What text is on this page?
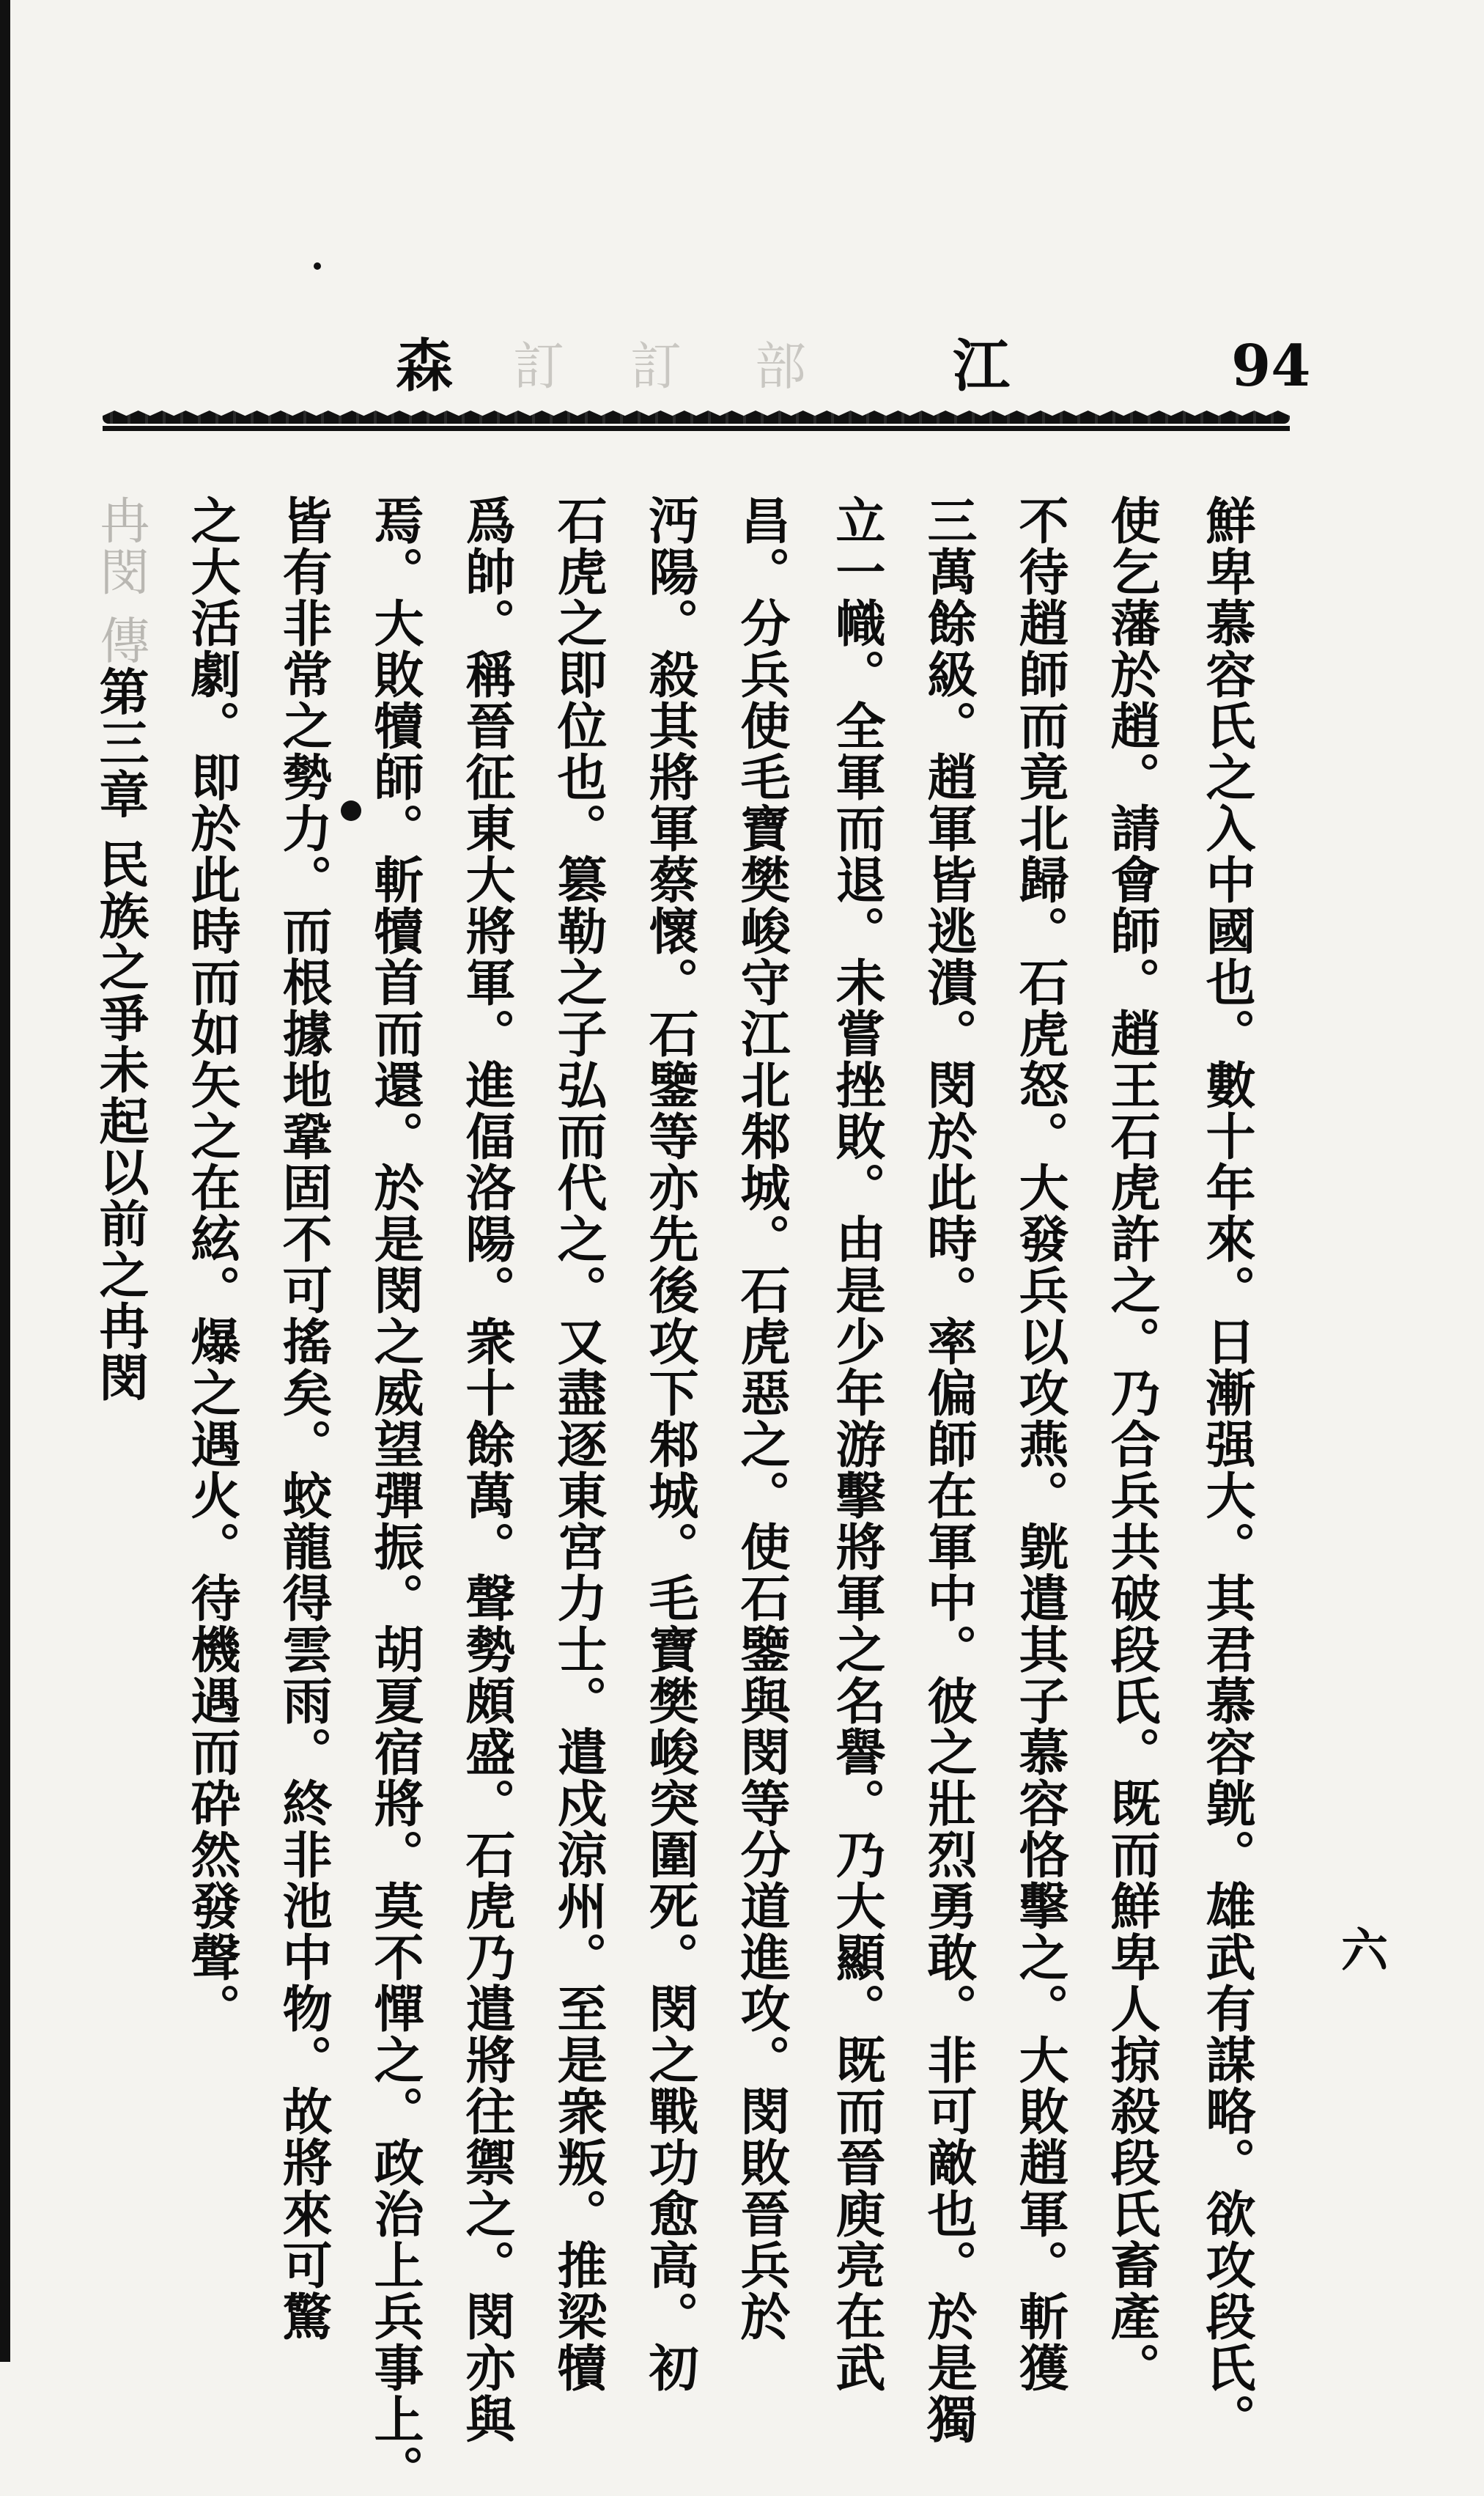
森 訂 訂 部	江	94
鮮卑慕容氏之入中國也。數十年來。日漸强大。其君慕容皝。雄武有謀略。欲攻段氏。
使乞藩於趙。請會師。趙王石虎許之。乃合兵共破段氏。既而鮮卑人掠殺段氏畜產。
不待趙師而竟北歸。石虎怒。大發兵以攻燕。皝遣其子慕容恪擊之。大敗趙軍。斬獲
三萬餘級。趙軍皆逃潰。閔於此時。率偏師在軍中。彼之壯烈勇敢。非可敵也。於是獨
立一幟。全軍而退。未嘗挫敗。由是少年游擊將軍之名譽。乃大顯。既而晉庾亮在武
昌。分兵使毛寶樊峻守江北邾城。石虎惡之。使石鑒與閔等分道進攻。閔敗晉兵於
沔陽。殺其將軍蔡懷。石鑒等亦先後攻下邾城。毛寶樊峻突圍死。閔之戰功愈高。初
石虎之即位也。篡勒之子弘而代之。又盡逐東宮力士。遣戍涼州。至是衆叛。推梁犢
爲帥。稱晉征東大將軍。進偪洛陽。衆十餘萬。聲勢頗盛。石虎乃遣將往禦之。閔亦與
焉。大敗犢師。斬犢首而還。於是閔之威望彈振。胡夏宿將。莫不憚之。政治上兵事上。
皆有非常之勢力。而根據地鞏固不可搖矣。蛟龍得雲雨。終非池中物。故將來可驚
之大活劇。即於此時而如矢之在絃。爆之遇火。待機遇而砕然發聲。
冉閔 傳第三章 民族之爭未起以前之冉閔
六
